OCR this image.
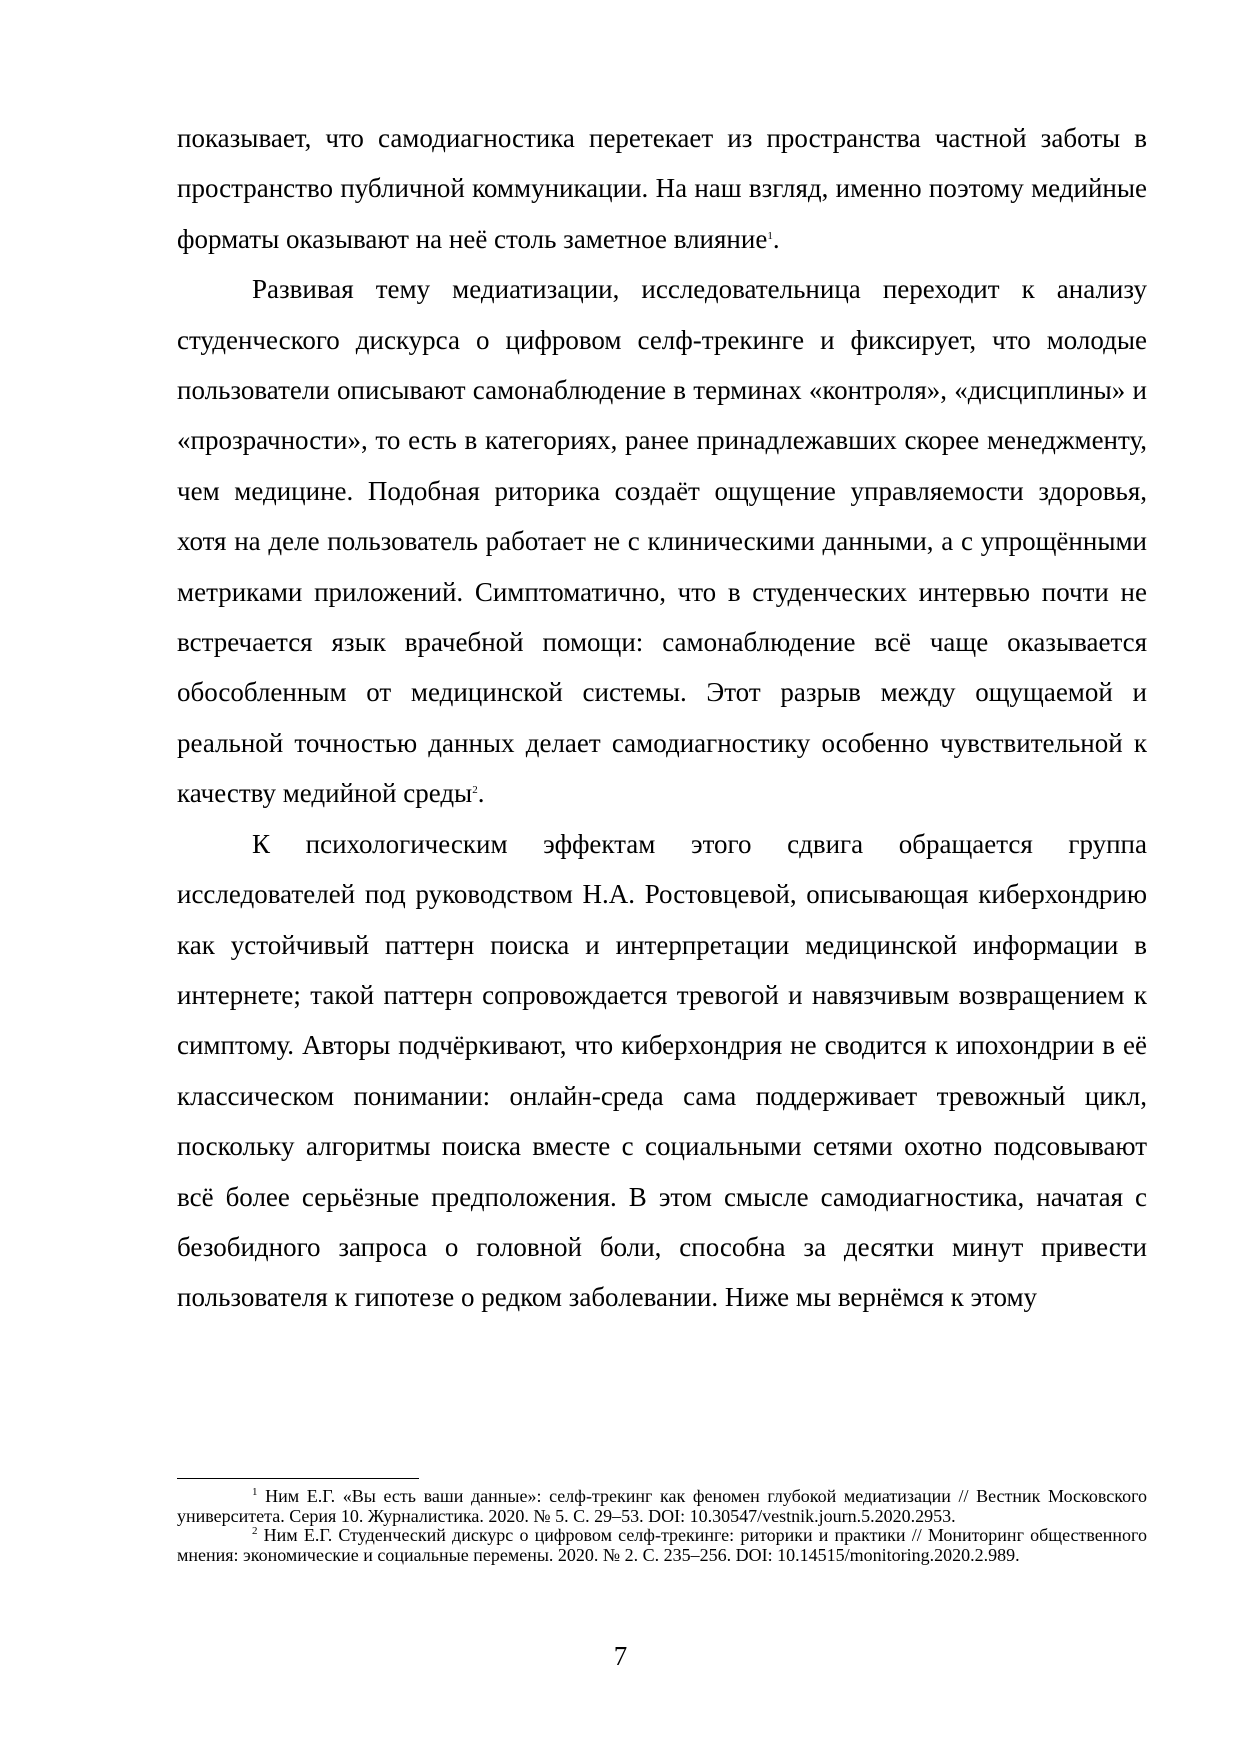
показывает, что самодиагностика перетекает из пространства частной заботы в пространство публичной коммуникации. На наш взгляд, именно поэтому медийные форматы оказывают на неё столь заметное влияние$^1$.

Развивая тему медиатизации, исследовательница переходит к анализу студенческого дискурса о цифровом селф-трекинге и фиксирует, что молодые пользователи описывают самонаблюдение в терминах «контроля», «дисциплины» и «прозрачности», то есть в категориях, ранее принадлежавших скорее менеджменту, чем медицине. Подобная риторика создаёт ощущение управляемости здоровья, хотя на деле пользователь работает не с клиническими данными, а с упрощёнными метриками приложений. Симптоматично, что в студенческих интервью почти не встречается язык врачебной помощи: самонаблюдение всё чаще оказывается обособленным от медицинской системы. Этот разрыв между ощущаемой и реальной точностью данных делает самодиагностику особенно чувствительной к качеству медийной среды$^2$.

К психологическим эффектам этого сдвига обращается группа исследователей под руководством Н.А. Ростовцевой, описывающая киберхондрию как устойчивый паттерн поиска и интерпретации медицинской информации в интернете; такой паттерн сопровождается тревогой и навязчивым возвращением к симптому. Авторы подчёркивают, что киберхондрия не сводится к ипохондрии в её классическом понимании: онлайн-среда сама поддерживает тревожный цикл, поскольку алгоритмы поиска вместе с социальными сетями охотно подсовывают всё более серьёзные предположения. В этом смысле самодиагностика, начатая с безобидного запроса о головной боли, способна за десятки минут привести пользователя к гипотезе о редком заболевании. Ниже мы вернёмся к этому

$^1$ Ним Е.Г. «Вы есть ваши данные»: селф-трекинг как феномен глубокой медиатизации // Вестник Московского университета. Серия 10. Журналистика. 2020. № 5. С. 29–53. DOI: 10.30547/vestnik.journ.5.2020.2953.

$^2$ Ним Е.Г. Студенческий дискурс о цифровом селф-трекинге: риторики и практики // Мониторинг общественного мнения: экономические и социальные перемены. 2020. № 2. С. 235–256. DOI: 10.14515/monitoring.2020.2.989.

7
